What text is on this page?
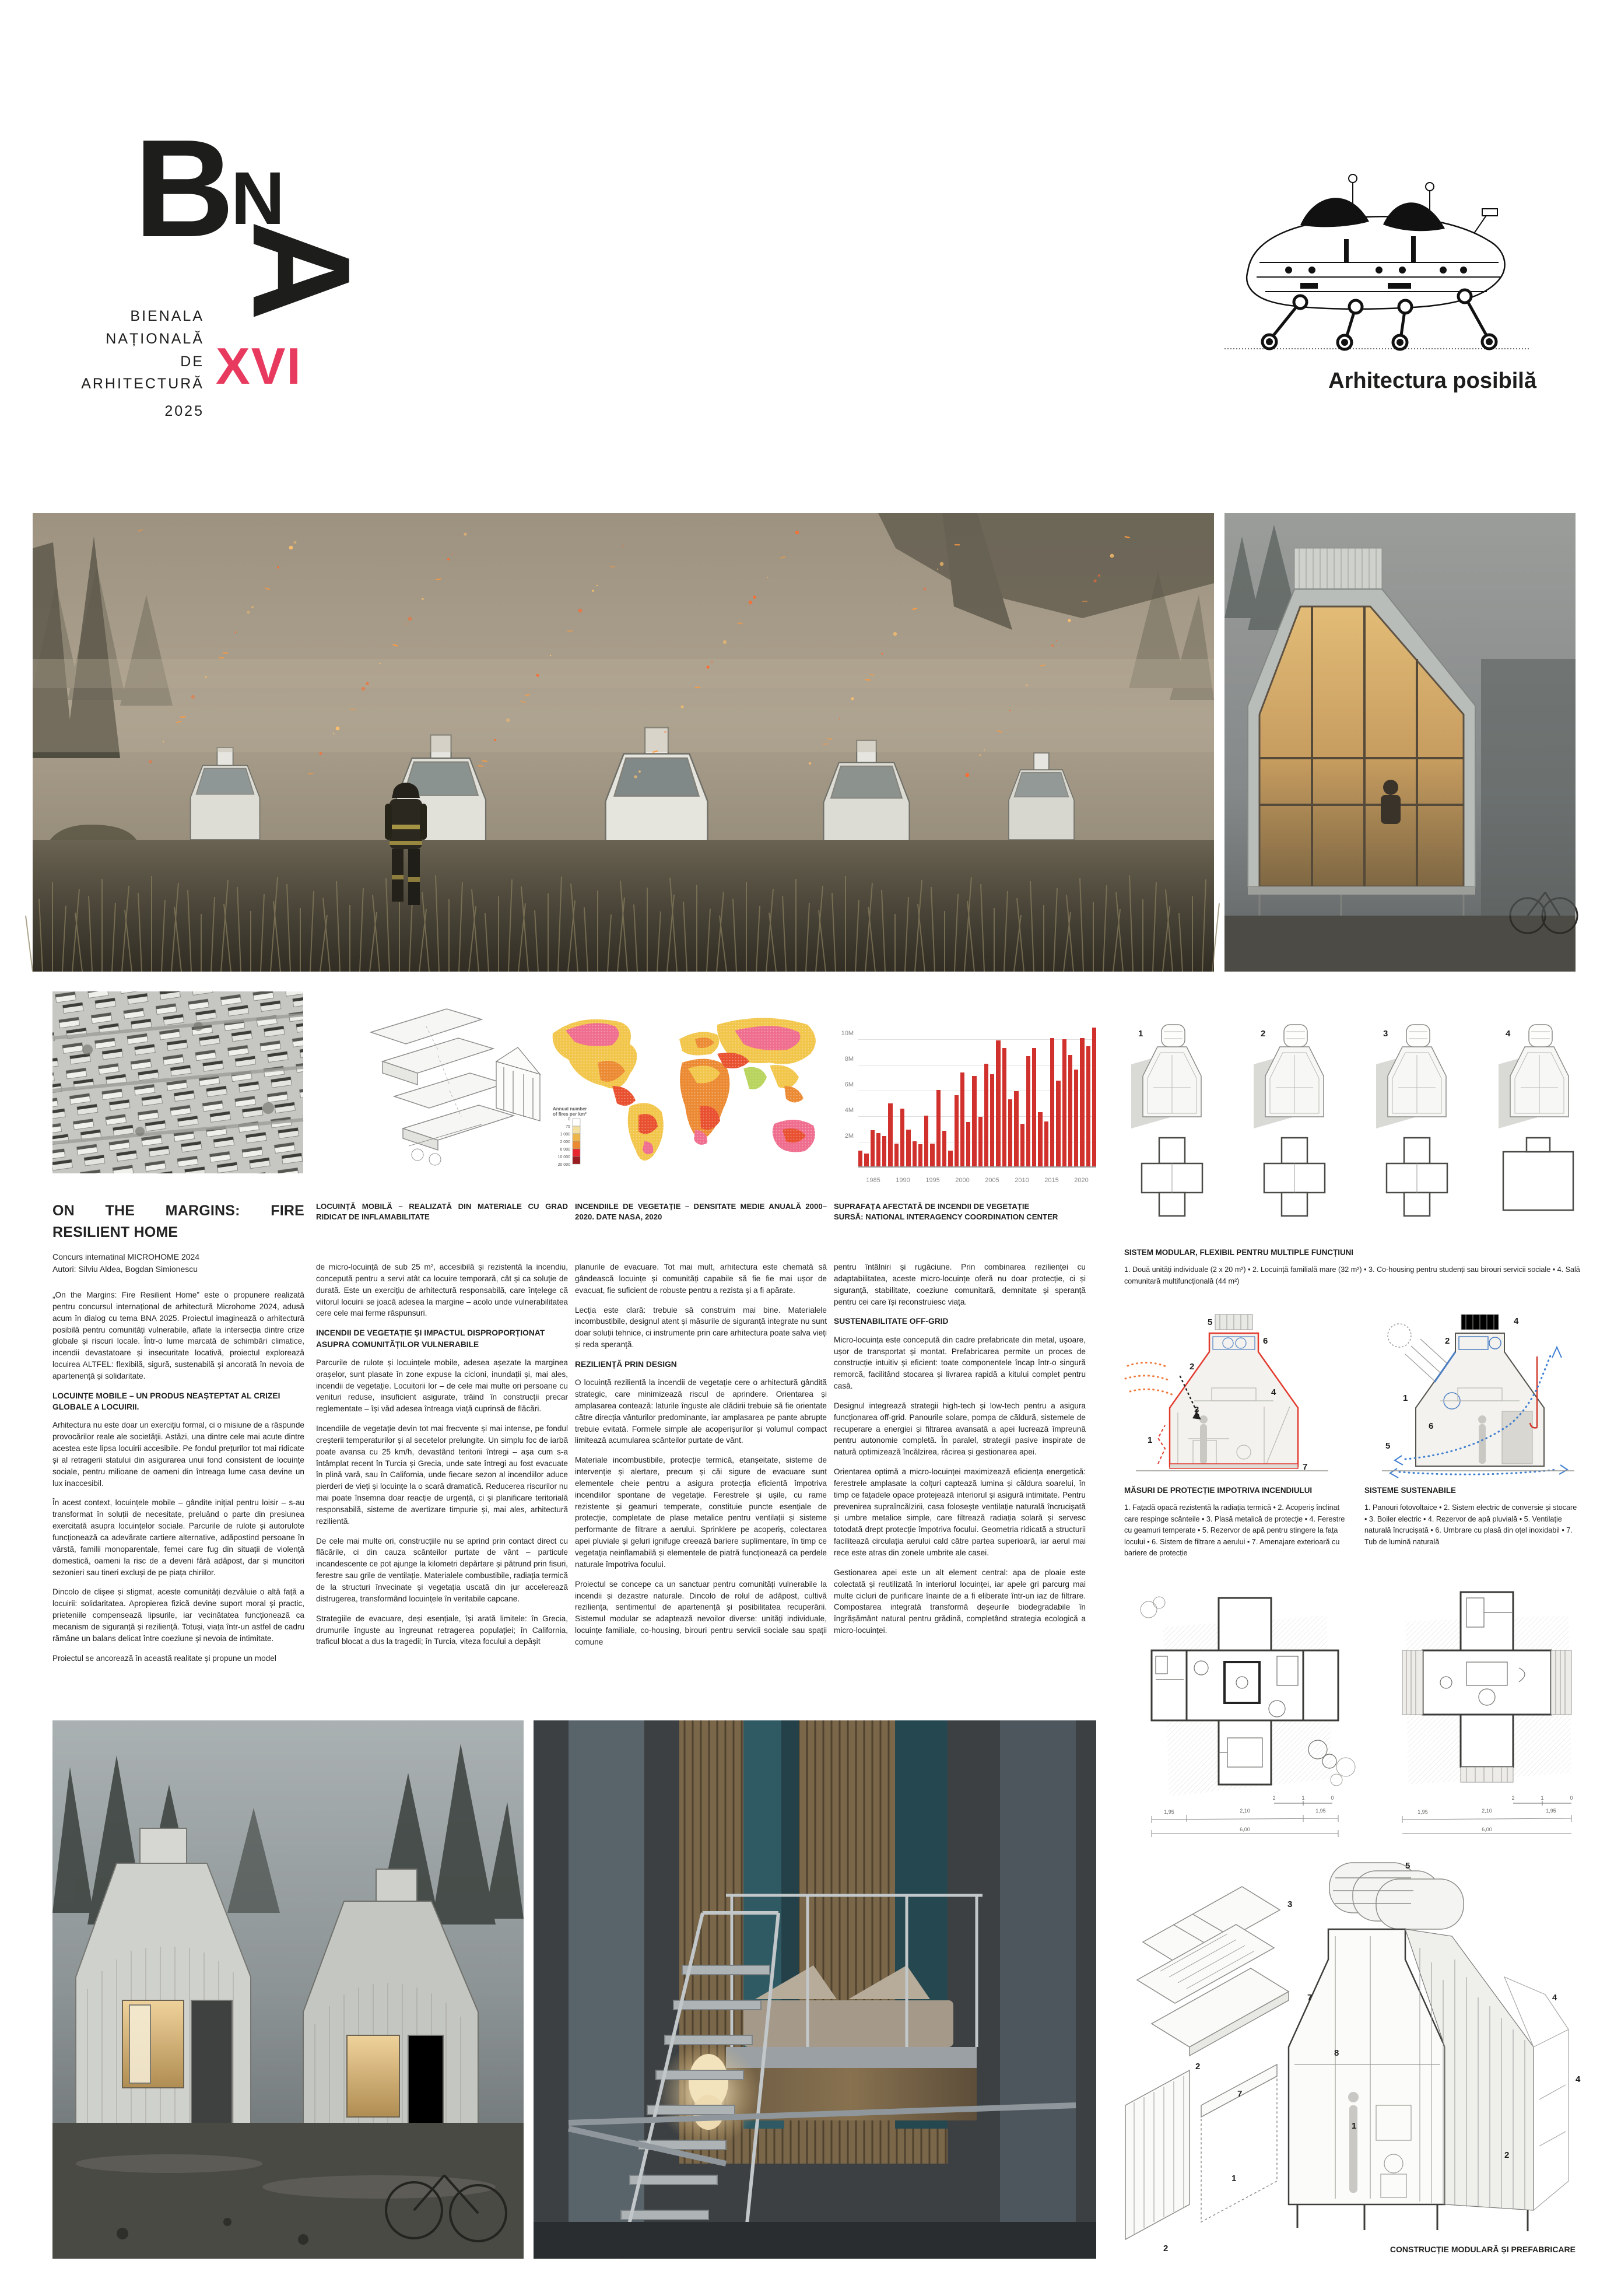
B N
A
BIENALA
NAȚIONALĂ
DE
ARHITECTURĂ
2025
XVI	Arhitectura posibilă
Annual number
of fires per km²
0
75
1 000
2 000
6 000
10 000
20 000
10M
8M
6M
4M
2M
1985 1990 1995 2000 2005 2010 2015 2020
1	2	3	4
ON THE MARGINS: FIRE RESILIENT HOME
Concurs internatinal MICROHOME 2024
Autori: Silviu Aldea, Bogdan Simionescu

„On the Margins: Fire Resilient Home” este o propunere realizată pentru concursul internațional de arhitectură Microhome 2024, adusă acum în dialog cu tema BNA 2025. Proiectul imaginează o arhitectură posibilă pentru comunități vulnerabile, aflate la intersecția dintre crize globale și riscuri locale. Într-o lume marcată de schimbări climatice, incendii devastatoare și insecuritate locativă, proiectul explorează locuirea ALTFEL: flexibilă, sigură, sustenabilă și ancorată în nevoia de apartenență și solidaritate.

LOCUINȚE MOBILE – UN PRODUS NEAȘTEPTAT AL CRIZEI GLOBALE A LOCUIRII.

Arhitectura nu este doar un exercițiu formal, ci o misiune de a răspunde provocărilor reale ale societății. Astăzi, una dintre cele mai acute dintre acestea este lipsa locuirii accesibile. Pe fondul prețurilor tot mai ridicate și al retragerii statului din asigurarea unui fond consistent de locuințe sociale, pentru milioane de oameni din întreaga lume casa devine un lux inaccesibil.

În acest context, locuințele mobile – gândite inițial pentru loisir – s-au transformat în soluții de necesitate, preluând o parte din presiunea exercitată asupra locuințelor sociale. Parcurile de rulote și autorulote funcționează ca adevărate cartiere alternative, adăpostind persoane în vârstă, familii monoparentale, femei care fug din situații de violență domestică, oameni la risc de a deveni fără adăpost, dar și muncitori sezonieri sau tineri excluși de pe piața chiriilor.

Dincolo de clișee și stigmat, aceste comunități dezvăluie o altă față a locuirii: solidaritatea. Apropierea fizică devine suport moral și practic, prieteniile compensează lipsurile, iar vecinătatea funcționează ca mecanism de siguranță și reziliență. Totuși, viața într-un astfel de cadru rămâne un balans delicat între coeziune și nevoia de intimitate.

Proiectul se ancorează în această realitate și propune un model

LOCUINȚĂ MOBILĂ – REALIZATĂ DIN MATERIALE CU GRAD RIDICAT DE INFLAMABILITATE

de micro-locuință de sub 25 m², accesibilă și rezistentă la incendiu, concepută pentru a servi atât ca locuire temporară, cât și ca soluție de durată. Este un exercițiu de arhitectură responsabilă, care înțelege că viitorul locuirii se joacă adesea la margine – acolo unde vulnerabilitatea cere cele mai ferme răspunsuri.

INCENDII DE VEGETAȚIE ȘI IMPACTUL DISPROPORȚIONAT ASUPRA COMUNITĂȚILOR VULNERABILE

Parcurile de rulote și locuințele mobile, adesea așezate la marginea orașelor, sunt plasate în zone expuse la cicloni, inundații și, mai ales, incendii de vegetație. Locuitorii lor – de cele mai multe ori persoane cu venituri reduse, insuficient asigurate, trăind în construcții precar reglementate – își văd adesea întreaga viață cuprinsă de flăcări.

Incendiile de vegetație devin tot mai frecvente și mai intense, pe fondul creșterii temperaturilor și al secetelor prelungite. Un simplu foc de iarbă poate avansa cu 25 km/h, devastând teritorii întregi – așa cum s-a întâmplat recent în Turcia și Grecia, unde sate întregi au fost evacuate în plină vară, sau în California, unde fiecare sezon al incendiilor aduce pierderi de vieți și locuințe la o scară dramatică. Reducerea riscurilor nu mai poate însemna doar reacție de urgență, ci și planificare teritorială responsabilă, sisteme de avertizare timpurie și, mai ales, arhitectură rezilientă.

De cele mai multe ori, construcțiile nu se aprind prin contact direct cu flăcările, ci din cauza scânteilor purtate de vânt – particule incandescente ce pot ajunge la kilometri depărtare și pătrund prin fisuri, ferestre sau grile de ventilație. Materialele combustibile, radiația termică de la structuri învecinate și vegetația uscată din jur accelerează distrugerea, transformând locuințele în veritabile capcane.

Strategiile de evacuare, deși esențiale, își arată limitele: în Grecia, drumurile înguste au îngreunat retragerea populației; în California, traficul blocat a dus la tragedii; în Turcia, viteza focului a depășit

INCENDIILE DE VEGETAȚIE – DENSITATE MEDIE ANUALĂ 2000–2020. DATE NASA, 2020

planurile de evacuare. Tot mai mult, arhitectura este chemată să gândească locuințe și comunități capabile să fie fie mai ușor de evacuat, fie suficient de robuste pentru a rezista și a fi apărate.

Lecția este clară: trebuie să construim mai bine. Materialele incombustibile, designul atent și măsurile de siguranță integrate nu sunt doar soluții tehnice, ci instrumente prin care arhitectura poate salva vieți și reda speranță.

REZILIENȚĂ PRIN DESIGN

O locuință rezilientă la incendii de vegetație cere o arhitectură gândită strategic, care minimizează riscul de aprindere. Orientarea și amplasarea contează: laturile înguste ale clădirii trebuie să fie orientate către direcția vânturilor predominante, iar amplasarea pe pante abrupte trebuie evitată. Formele simple ale acoperișurilor și volumul compact limitează acumularea scânteilor purtate de vânt.

Materiale incombustibile, protecție termică, etanșeitate, sisteme de intervenție și alertare, precum și căi sigure de evacuare sunt elementele cheie pentru a asigura protecția eficientă împotriva incendiilor spontane de vegetație. Ferestrele și ușile, cu rame rezistente și geamuri temperate, constituie puncte esențiale de protecție, completate de plase metalice pentru ventilații și sisteme performante de filtrare a aerului. Sprinklere pe acoperiș, colectarea apei pluviale și geluri ignifuge creează bariere suplimentare, în timp ce vegetația neinflamabilă și elementele de piatră funcționează ca perdele naturale împotriva focului.

Proiectul se concepe ca un sanctuar pentru comunități vulnerabile la incendii și dezastre naturale. Dincolo de rolul de adăpost, cultivă reziliența, sentimentul de apartenență și posibilitatea recuperării. Sistemul modular se adaptează nevoilor diverse: unități individuale, locuințe familiale, co-housing, birouri pentru servicii sociale sau spații comune

SUPRAFAȚA AFECTATĂ DE INCENDII DE VEGETAȚIE
SURSĂ: NATIONAL INTERAGENCY COORDINATION CENTER

pentru întâlniri și rugăciune. Prin combinarea rezilienței cu adaptabilitatea, aceste micro-locuințe oferă nu doar protecție, ci și siguranță, stabilitate, coeziune comunitară, demnitate și speranță pentru cei care își reconstruiesc viața.

SUSTENABILITATE OFF-GRID

Micro-locuința este concepută din cadre prefabricate din metal, ușoare, ușor de transportat și montat. Prefabricarea permite un proces de construcție intuitiv și eficient: toate componentele încap într-o singură remorcă, facilitând stocarea și livrarea rapidă a kitului complet pentru casă.

Designul integrează strategii high-tech și low-tech pentru a asigura funcționarea off-grid. Panourile solare, pompa de căldură, sistemele de recuperare a energiei și filtrarea avansată a apei lucrează împreună pentru autonomie completă. În paralel, strategii pasive inspirate de natură optimizează încălzirea, răcirea și gestionarea apei.

Orientarea optimă a micro-locuinței maximizează eficiența energetică: ferestrele amplasate la colțuri captează lumina și căldura soarelui, în timp ce fațadele opace protejează interiorul și asigură intimitate. Pentru prevenirea supraîncălzirii, casa folosește ventilație naturală încrucișată și umbre metalice simple, care filtrează radiația solară și servesc totodată drept protecție împotriva focului. Geometria ridicată a structurii facilitează circulația aerului cald către partea superioară, iar aerul mai rece este atras din zonele umbrite ale casei.

Gestionarea apei este un alt element central: apa de ploaie este colectată și reutilizată în interiorul locuinței, iar apele gri parcurg mai multe cicluri de purificare înainte de a fi eliberate într-un iaz de filtrare. Compostarea integrată transformă deșeurile biodegradabile în îngrășământ natural pentru grădină, completând strategia ecologică a micro-locuinței.

SISTEM MODULAR, FLEXIBIL PENTRU MULTIPLE FUNCȚIUNI
1. Două unități individuale (2 x 20 m²) • 2. Locuință familială mare (32 m²) • 3. Co-housing pentru studenți sau birouri servicii sociale • 4. Sală comunitară multifuncțională (44 m²)
5
6
2
3
4
1
7
4
2
1
6
5
MĂSURI DE PROTECȚIE IMPOTRIVA INCENDIULUI
1. Fațadă opacă rezistentă la radiația termică • 2. Acoperiș înclinat care respinge scânteile • 3. Plasă metalică de protecție • 4. Ferestre cu geamuri temperate • 5. Rezervor de apă pentru stingere la fața locului • 6. Sistem de filtrare a aerului • 7. Amenajare exterioară cu bariere de protecție
SISTEME SUSTENABILE
1. Panouri fotovoltaice • 2. Sistem electric de conversie și stocare • 3. Boiler electric • 4. Rezervor de apă pluvială • 5. Ventilație naturală încrucișată • 6. Umbrare cu plasă din oțel inoxidabil • 7. Tub de lumină naturală
1,95	2,10	1,95
6,00
2	1	0
1,95	2,10	1,95
6,00
2	1	0
5
3
2
7
1
2
8
1
7	4
4
2
CONSTRUCȚIE MODULARĂ ȘI PREFABRICARE
